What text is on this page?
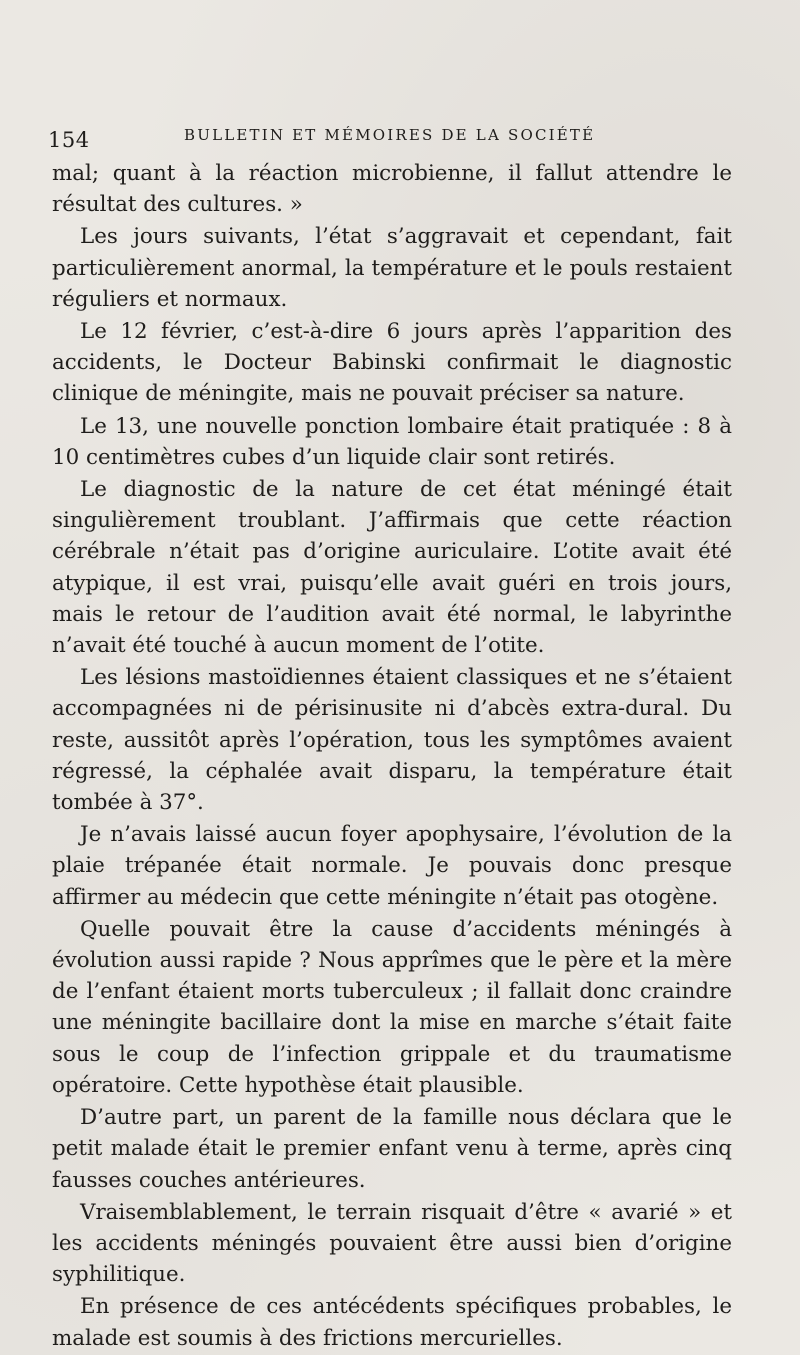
154	BULLETIN ET MÉMOIRES DE LA SOCIÉTÉ

mal; quant à la réaction microbienne, il fallut attendre le résultat des cultures. »

Les jours suivants, l’état s’aggravait et cependant, fait particulièrement anormal, la température et le pouls restaient réguliers et normaux.

Le 12 février, c’est-à-dire 6 jours après l’apparition des accidents, le Docteur Babinski confirmait le diagnostic clinique de méningite, mais ne pouvait préciser sa nature.

Le 13, une nouvelle ponction lombaire était pratiquée : 8 à 10 centimètres cubes d’un liquide clair sont retirés.

Le diagnostic de la nature de cet état méningé était singulièrement troublant. J’affirmais que cette réaction cérébrale n’était pas d’origine auriculaire. L’otite avait été atypique, il est vrai, puisqu’elle avait guéri en trois jours, mais le retour de l’audition avait été normal, le labyrinthe n’avait été touché à aucun moment de l’otite.

Les lésions mastoïdiennes étaient classiques et ne s’étaient accompagnées ni de périsinusite ni d’abcès extra-dural. Du reste, aussitôt après l’opération, tous les symptômes avaient régressé, la céphalée avait disparu, la température était tombée à 37°.

Je n’avais laissé aucun foyer apophysaire, l’évolution de la plaie trépanée était normale. Je pouvais donc presque affirmer au médecin que cette méningite n’était pas otogène.

Quelle pouvait être la cause d’accidents méningés à évolution aussi rapide ? Nous apprîmes que le père et la mère de l’enfant étaient morts tuberculeux ; il fallait donc craindre une méningite bacillaire dont la mise en marche s’était faite sous le coup de l’infection grippale et du traumatisme opératoire. Cette hypothèse était plausible.

D’autre part, un parent de la famille nous déclara que le petit malade était le premier enfant venu à terme, après cinq fausses couches antérieures.

Vraisemblablement, le terrain risquait d’être « avarié » et les accidents méningés pouvaient être aussi bien d’origine syphilitique.

En présence de ces antécédents spécifiques probables, le malade est soumis à des frictions mercurielles.
